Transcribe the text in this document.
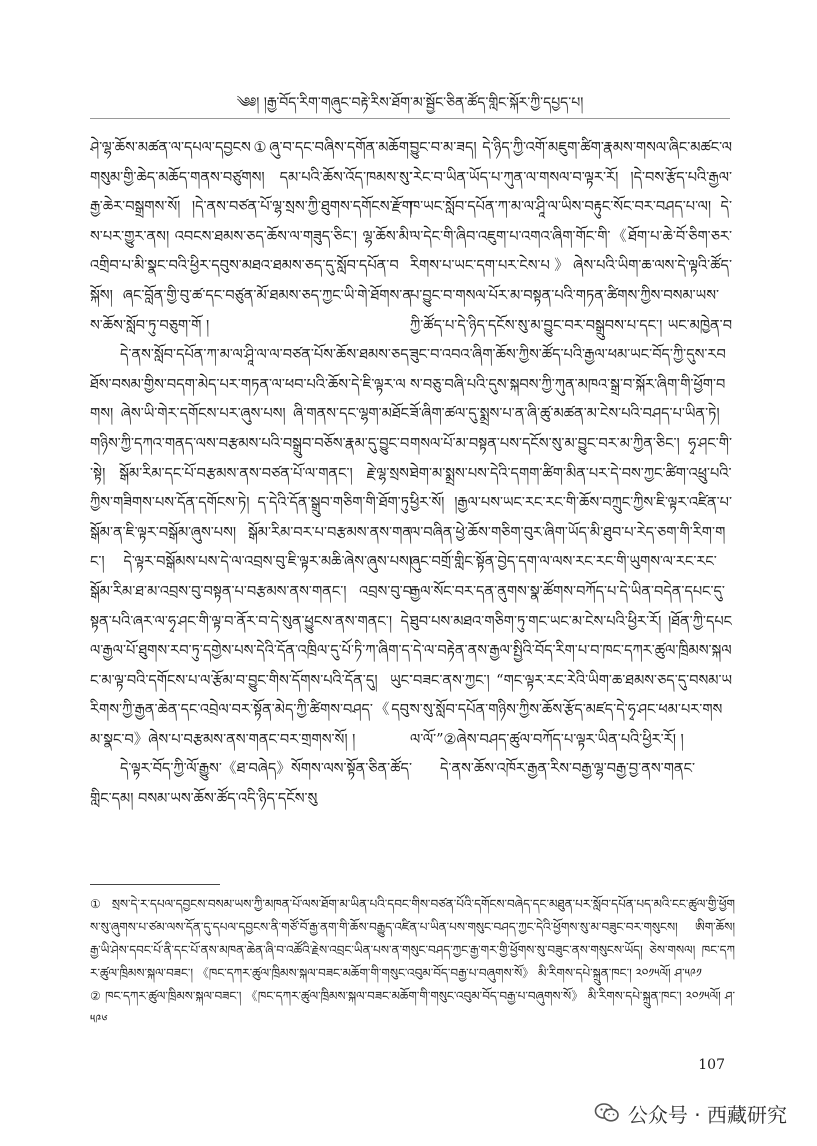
༄༅། །རྒྱ་བོད་རིག་གཞུང་བརྟེ་རིས་ཐོག་མ་སྦྱོང་ཅིན་ཚོད་གླིང་སྐོར་ཀྱི་དཔྱད་པ།

ཤེ་ལྷ་ཆོས་མཚན་ལ་དཔལ་དབྱངས①ཞུ་བ་དང་བཞིས་དགོན་མཆོག་གསུམ་གྱི་ཆེད་མཆོད་གནས་བཙུགས། དམ་པའི་ཆོས་འོད་ཁམས་སུ་རྒྱ་ཆེར་བསྒྲགས་སོ། །དེ་ནས་བཙན་པོ་ལྷ་སྲས་ཀྱི་ཐུགས་དགོངས་རྫོགས་པར་གྱུར་ནས། འབངས་ཐམས་ཅད་ཆོས་ལ་གཟུད་ཅིང་། ལྷ་ཆོས་མི་འགྲིབ་པ་མི་སྣང་བའི་ཕྱིར་དབུས་མཐའ་ཐམས་ཅད་དུ་སློབ་དཔོན་བསྐོས། ཞང་བློན་གྱི་བུ་ཚ་དང་བཙུན་མོ་ཐམས་ཅད་ཀྱང་ཡི་གེ་ཐོགས་ནས་ཆོས་སློབ་ཏུ་བཅུག་གོ །

དེ་ནས་སློབ་དཔོན་ཀ་མ་ལ་ཤཱི་ལ་ལ་བཙན་པོས་ཆོས་ཐམས་ཅད་ཐོས་བསམ་གྱིས་བདག་མེད་པར་གཏན་ལ་ཕབ་པའི་ཆོས་དེ་ཇི་ལྟར་ལགས། ཞེས་ཡི་གེར་དགོངས་པར་ཞུས་པས། ཞི་གནས་དང་ལྷག་མཐོང་གཉིས་ཀྱི་དཀའ་གནད་ལས་བརྩམས་པའི་བསྒྲུབ་བཅོས་རྣམ་དུ་བྱུང་བ་སྟེ། སྒོམ་རིམ་དང་པོ་བརྩམས་ནས་བཙན་པོ་ལ་གནང་། རྗེ་ལྷ་སྲས་ཀྱིས་གཟིགས་པས་དོན་དགོངས་ཏེ། ད་དེའི་དོན་སྒྲུབ་གཅིག་གི་ཐོག་ཏུ་སྒོམ་ན་ཇི་ལྟར་བསྒོམ་ཞུས་པས། སྒོམ་རིམ་བར་པ་བརྩམས་ནས་གནང་། དེ་ལྟར་བསྒོམས་པས་དེ་ལ་འབྲས་བུ་ཇི་ལྟར་མཆི་ཞེས་ཞུས་པས། སྒོམ་རིམ་ཐ་མ་འབྲས་བུ་བསྟན་པ་བརྩམས་ནས་གནང་། འབྲས་བུ་བསྟན་པའི་ཞར་ལ་ཧྭ་ཤང་གི་ལྟ་བ་ནོར་བ་དེ་སུན་ཕྱུངས་ནས་གནང་། དེ་ལ་རྒྱལ་པོ་ཐུགས་རབ་ཏུ་དགྱེས་པས་དེའི་དོན་འཁྲིལ་དུ་པོ་ཏི་ཀ་ཞིག་དང་མ་ལྟ་བའི་དགོངས་པ་ལ་རྩོམ་བ་བྱུང་གིས་དོགས་པའི་དོན་དུ། ཡུང་རིགས་ཀྱི་རྒྱན་ཆེན་དང་འབྲེལ་བར་སྟོན་མེད་ཀྱི་ཚིགས་བཤད་《དབུ་མ་སྣང་བ》ཞེས་པ་བརྩམས་ནས་གནང་བར་གྲགས་སོ། །

དེ་ལྟར་བོད་ཀྱི་ལོ་རྒྱུས་《ཐ་བཞེད》སོགས་ལས་སྟོན་ཅིན་ཚོད་གླིང་དམ། བསམ་ཡས་ཆོས་ཚོད་འདི་ཉིད་དངོས་སུ

བྱུང་བ་མ་ཟད། དེ་ཉིད་ཀྱི་འགོ་མཇུག་ཚིག་རྣམས་གསལ་ཞིང་མཚང་ལ་རེང་བ་ཡིན་ཡོད་པ་ཀུན་ལ་གསལ་བ་ལྟར་རོ། །དེ་བས་རྩོད་པའི་རྒྱལ་ཁ་ཡང་སློབ་དཔོན་ཀ་མ་ལ་ཤཱི་ལ་ཡིས་བརྟུང་སོང་བར་བཤད་པ་ལ། དེ་ལ་དེང་གི་ཞིབ་འཇུག་པ་འགའ་ཞིག་གོང་གི་《ཐོག་པ་ཆེ་བོ་ཅིག་ཅར་རིགས་པ་ཡང་དག་པར་ངེས་པ》ཞེས་པའི་ཡིག་ཆ་ལས་དེ་ལྟའི་ཚོད་པ་བྱུང་བ་གསལ་པོར་མ་བསྟན་པའི་གཏན་ཚིགས་ཀྱིས་བསམ་ཡས་ཀྱི་ཚོད་པ་དེ་ཉིད་དངོས་སུ་མ་བྱུང་བར་བསྒྲུབས་པ་དང་། ཡང་མཁྱེན་བཟུང་བ་འབའ་ཞིག་ཆོས་ཀྱིས་ཚོད་པའི་རྒྱལ་ཕམ་ཡང་བོད་ཀྱི་དུས་རབས་བཅུ་བཞི་པའི་དུས་སྐབས་ཀྱི་ཀུན་མཁའ་སྒྲ་བ་སྐོར་ཞིག་གི་ཕྱོག་བཟོ་ཞིག་ཚལ་དུ་སྨྲས་པ་ན་ཞི་ཚུ་མཚན་མ་ངེས་པའི་བཤད་པ་ཡིན་ཏེ། གསལ་པོ་མ་བསྟན་པས་དངོས་སུ་མ་བྱུང་བར་མ་ཀྱིན་ཅིང་། ཧྭ་ཤང་གི་ཐེག་མ་སྨྲས་པས་དེའི་དགག་ཚིག་མིན་པར་དེ་བས་ཀྱང་ཚིག་འཕྲུ་པའི་ཕྱིར་སོ། །རྒྱལ་པས་ཡང་རང་རང་གི་ཆོས་བཀྲུང་ཀྱིས་ཇི་ལྟར་འཛིན་པ་ལ་བཞིན་ཕྱེ་ཆོས་གཅིག་བུར་ཞིག་ཡོད་མི་ཐུབ་པ་རེད་ཅག་གི་རིག་གཞུང་བགྲོ་གླིང་སྟོན་བྱེད་དག་ལ་ལས་རང་རང་གི་ཡུགས་ལ་རང་རང་རྒྱལ་སོང་བར་དན་ནུགས་སྣ་ཚོགས་བཀོད་པ་དེ་ཡིན་བདེན་དཔང་དུ་ཐུབ་པས་མཐའ་གཅིག་ཏུ་གང་ཡང་མ་ངེས་པའི་ཕྱིར་རོ། །ཐོན་ཀྱི་དཔང་དེ་ལ་བརྟེན་ནས་རྒྱལ་སྤྱིའི་བོད་རིག་པ་བ་ཁང་དཀར་ཚུལ་ཁྲིམས་སྐལ་བཟང་ནས་ཀྱང་། “གང་ལྟར་རང་རེའི་ཡིག་ཆ་ཐམས་ཅད་དུ་བསམ་ཡས་སུ་སློབ་དཔོན་གཉིས་ཀྱིས་ཆོས་རྩོད་མཛད་དེ་ཧྭ་ཤང་ཕམ་པར་གསལ་ལོ་”②ཞེས་བཤད་ཚུལ་བཀོད་པ་ལྟར་ཡིན་པའི་ཕྱིར་རོ། །

དེ་ནས་ཆོས་འཁོར་རྒྱན་རིས་བརྒྱ་ལྷ་བརྒྱ་བྱ་ནས་གནང་

① སྲས་དེ་ར་དཔལ་དབྱངས་བསམ་ཡས་ཀྱི་མཁན་པོ་ལས་ཐོག་མ་ཡིན་པའི་དབང་གིས་བཙན་པོའི་དགོངས་བཞེད་དང་མཐུན་པར་སློབ་དཔོན་པད་མའི་ངང་ཚུལ་གྱི་ཕྱོགས་སུ་ཞུགས་པ་ཙམ་ལས་དོན་དུ་དཔལ་དབྱངས་ནི་གཙོ་བོ་རྒྱ་ནག་གི་ཆོས་བརྒྱུད་འཛིན་པ་ཡིན་པས་གསུང་བཤད་ཀྱང་དེའི་ཕྱོགས་སུ་མ་བཟུང་བར་གསུངས། ཨིག་ཆོས། རྒྱ་ཡི་ཤེས་དབང་པོ་ནི་དང་པོ་ནས་མཁན་ཆེན་ཞི་བ་འཚོའི་རྗེས་འབྲང་ཡིན་པས་ན་གསུང་བཤད་ཀྱང་རྒྱ་གར་གྱི་ཕྱོགས་སུ་བཟུང་ནས་གསུངས་ཡོད། ཅེས་གསལ། ཁང་དཀར་ཚུལ་ཁྲིམས་སྐལ་བཟང་། 《ཁང་དཀར་ཚུལ་ཁྲིམས་སྐལ་བཟང་མཆོག་གི་གསུང་འབུམ་བོད་བརྒྱ་པ་བཞུགས་སོ》 མི་རིགས་དཔེ་སྐྲུན་ཁང་། ༢༠༡༥ལོ། ཤ་༥༩༡

② ཁང་དཀར་ཚུལ་ཁྲིམས་སྐལ་བཟང་། 《ཁང་དཀར་ཚུལ་ཁྲིམས་སྐལ་བཟང་མཆོག་གི་གསུང་འབུམ་བོད་བརྒྱ་པ་བཞུགས་སོ》 མི་རིགས་དཔེ་སྐྲུན་ཁང་། ༢༠༡༥ལོ། ཤ་༥༩༦

107
公众号 · 西藏研究
